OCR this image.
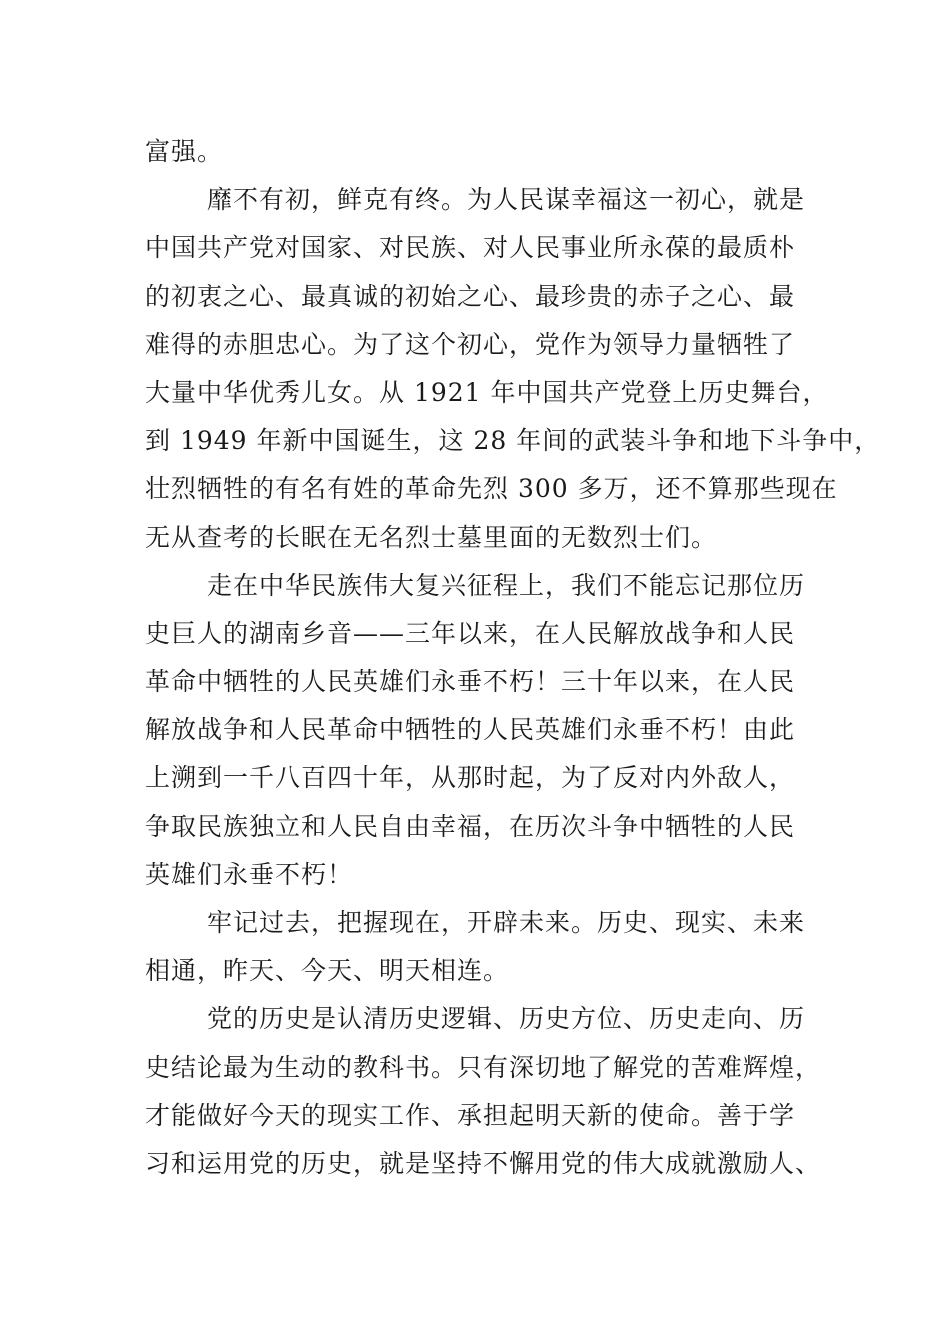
富强。
靡不有初，鲜克有终。为人民谋幸福这一初心，就是
中国共产党对国家、对民族、对人民事业所永葆的最质朴
的初衷之心、最真诚的初始之心、最珍贵的赤子之心、最
难得的赤胆忠心。为了这个初心，党作为领导力量牺牲了
大量中华优秀儿女。从 1921 年中国共产党登上历史舞台，
到 1949 年新中国诞生，这 28 年间的武装斗争和地下斗争中，
壮烈牺牲的有名有姓的革命先烈 300 多万，还不算那些现在
无从查考的长眠在无名烈士墓里面的无数烈士们。
走在中华民族伟大复兴征程上，我们不能忘记那位历
史巨人的湖南乡音——三年以来，在人民解放战争和人民
革命中牺牲的人民英雄们永垂不朽！三十年以来，在人民
解放战争和人民革命中牺牲的人民英雄们永垂不朽！由此
上溯到一千八百四十年，从那时起，为了反对内外敌人，
争取民族独立和人民自由幸福，在历次斗争中牺牲的人民
英雄们永垂不朽！
牢记过去，把握现在，开辟未来。历史、现实、未来
相通，昨天、今天、明天相连。
党的历史是认清历史逻辑、历史方位、历史走向、历
史结论最为生动的教科书。只有深切地了解党的苦难辉煌，
才能做好今天的现实工作、承担起明天新的使命。善于学
习和运用党的历史，就是坚持不懈用党的伟大成就激励人、
